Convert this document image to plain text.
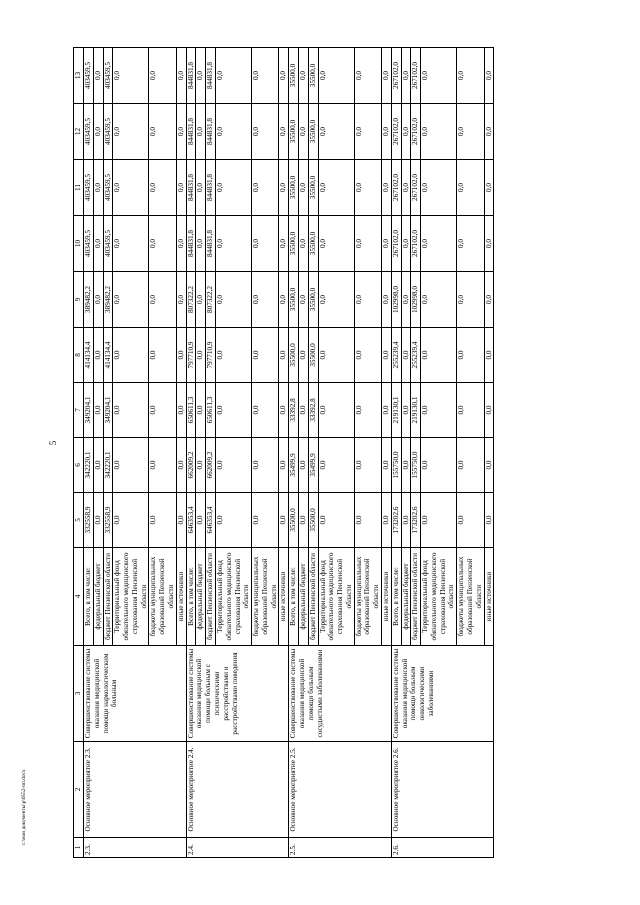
5
1	2	3	4	5	6	7	8	9	10	11	12	13
2.3.	Основное мероприятие 2.3.	Совершенствование системы оказания медицинской помощи наркологическим больным	Всего, в том числе:	332558,9	342220,1	349204,1	414134,4	389482,2	403459,5	403459,5	403459,5	403459,5
			федеральный бюджет	0,0	0,0	0,0	0,0	0,0	0,0	0,0	0,0	0,0
			бюджет Пензенской области	332558,9	342220,1	349204,1	414134,4	389482,2	403459,5	403459,5	403459,5	403459,5
			Территориальный фонд обязательного медицинского страхования Пензенской области	0,0	0,0	0,0	0,0	0,0	0,0	0,0	0,0	0,0
			бюджеты муниципальных образований Пензенской области	0,0	0,0	0,0	0,0	0,0	0,0	0,0	0,0	0,0
			иные источники	0,0	0,0	0,0	0,0	0,0	0,0	0,0	0,0	0,0
2.4.	Основное мероприятие 2.4.	Совершенствование системы оказания медицинской помощи больным с психическими расстройствами и расстройствами поведения	Всего, в том числе:	646353,4	662009,2	650611,3	797710,9	807322,2	844831,8	844831,8	844831,8	844831,8
			федеральный бюджет	0,0	0,0	0,0	0,0	0,0	0,0	0,0	0,0	0,0
			бюджет Пензенской области	646353,4	662009,2	650611,3	797710,9	807322,2	844831,8	844831,8	844831,8	844831,8
			Территориальный фонд обязательного медицинского страхования Пензенской области	0,0	0,0	0,0	0,0	0,0	0,0	0,0	0,0	0,0
			бюджеты муниципальных образований Пензенской области	0,0	0,0	0,0	0,0	0,0	0,0	0,0	0,0	0,0
			иные источники	0,0	0,0	0,0	0,0	0,0	0,0	0,0	0,0	0,0
2.5.	Основное мероприятие 2.5.	Совершенствование системы оказания медицинской помощи больным сосудистыми заболеваниями	Всего, в том числе:	35500,0	35499,9	33392,8	35500,0	35500,0	35500,0	35500,0	35500,0	35500,0
			федеральный бюджет	0,0	0,0	0,0	0,0	0,0	0,0	0,0	0,0	0,0
			бюджет Пензенской области	35500,0	35499,9	33392,8	35500,0	35500,0	35500,0	35500,0	35500,0	35500,0
			Территориальный фонд обязательного медицинского страхования Пензенской области	0,0	0,0	0,0	0,0	0,0	0,0	0,0	0,0	0,0
			бюджеты муниципальных образований Пензенской области	0,0	0,0	0,0	0,0	0,0	0,0	0,0	0,0	0,0
			иные источники	0,0	0,0	0,0	0,0	0,0	0,0	0,0	0,0	0,0
2.6.	Основное мероприятие 2.6.	Совершенствование системы оказания медицинской помощи больным онкологическими заболеваниями	Всего, в том числе:	173202,6	155750,0	219130,1	255239,4	102998,0	267102,0	267102,0	267102,0	267102,0
			федеральный бюджет	0,0	0,0	0,0	0,0	0,0	0,0	0,0	0,0	0,0
			бюджет Пензенской области	173202,6	155750,0	219130,1	255239,4	102998,0	267102,0	267102,0	267102,0	267102,0
			Территориальный фонд обязательного медицинского страхования Пензенской области	0,0	0,0	0,0	0,0	0,0	0,0	0,0	0,0	0,0
			бюджеты муниципальных образований Пензенской области	0,0	0,0	0,0	0,0	0,0	0,0	0,0	0,0	0,0
			иные источники	0,0	0,0	0,0	0,0	0,0	0,0	0,0	0,0	0,0
c:\мои документы\p\0552-пп.docx
